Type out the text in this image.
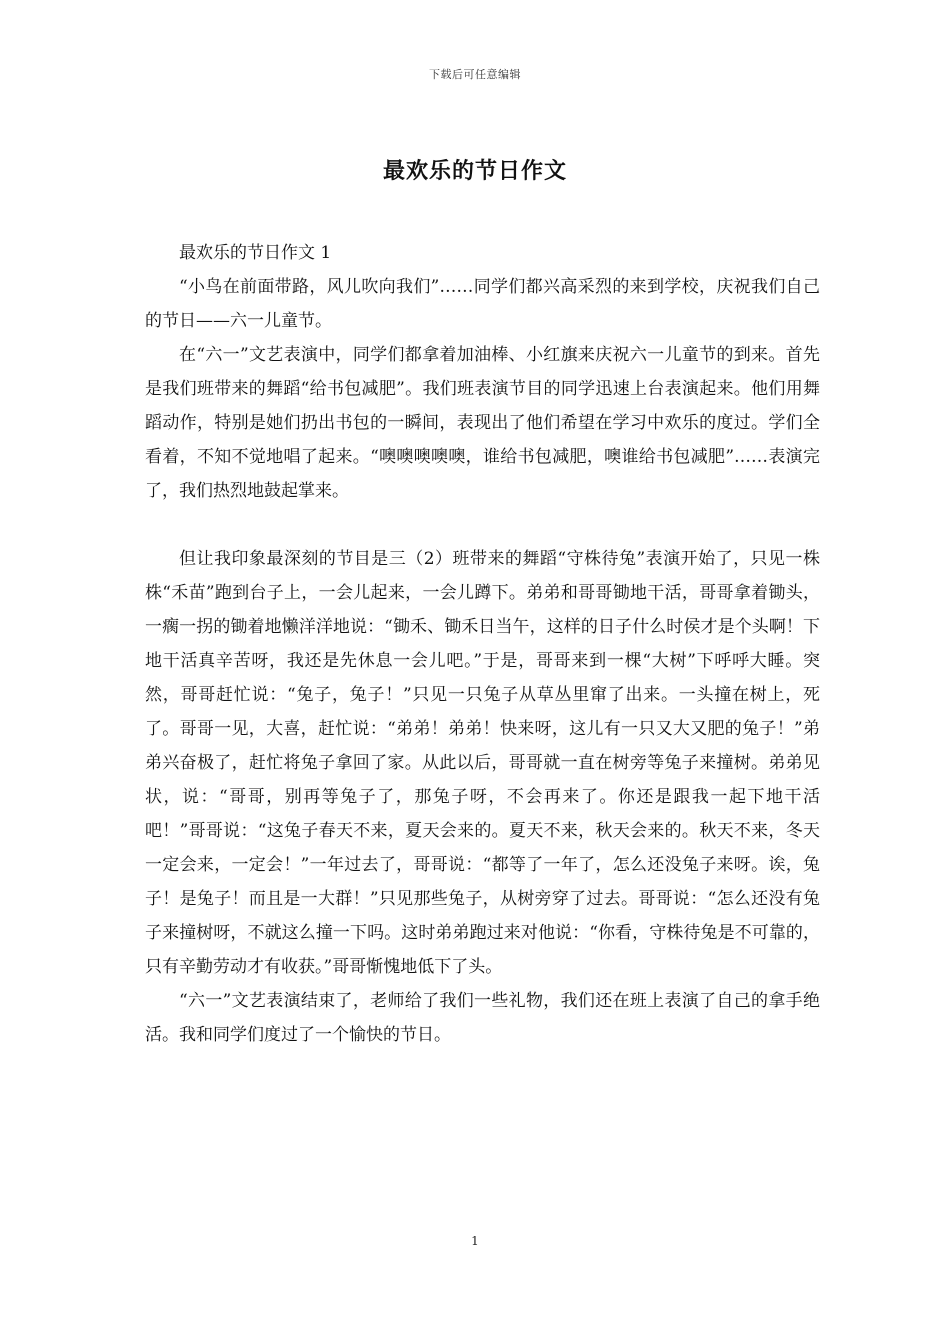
下载后可任意编辑
最欢乐的节日作文

最欢乐的节日作文 1

“小鸟在前面带路，风儿吹向我们”……同学们都兴高采烈的来到学校，庆祝我们自己的节日——六一儿童节。

在“六一”文艺表演中，同学们都拿着加油棒、小红旗来庆祝六一儿童节的到来。首先是我们班带来的舞蹈“给书包减肥”。我们班表演节目的同学迅速上台表演起来。他们用舞蹈动作，特别是她们扔出书包的一瞬间，表现出了他们希望在学习中欢乐的度过。学们全看着，不知不觉地唱了起来。“噢噢噢噢噢，谁给书包减肥，噢谁给书包减肥”……表演完了，我们热烈地鼓起掌来。

但让我印象最深刻的节目是三（2）班带来的舞蹈“守株待兔”表演开始了，只见一株株“禾苗”跑到台子上，一会儿起来，一会儿蹲下。弟弟和哥哥锄地干活，哥哥拿着锄头，一瘸一拐的锄着地懒洋洋地说：“锄禾、锄禾日当午，这样的日子什么时侯才是个头啊！下地干活真辛苦呀，我还是先休息一会儿吧。”于是，哥哥来到一棵“大树”下呼呼大睡。突然，哥哥赶忙说：“兔子，兔子！”只见一只兔子从草丛里窜了出来。一头撞在树上，死了。哥哥一见，大喜，赶忙说：“弟弟！弟弟！快来呀，这儿有一只又大又肥的兔子！”弟弟兴奋极了，赶忙将兔子拿回了家。从此以后，哥哥就一直在树旁等兔子来撞树。弟弟见状，说：“哥哥，别再等兔子了，那兔子呀，不会再来了。你还是跟我一起下地干活吧！”哥哥说：“这兔子春天不来，夏天会来的。夏天不来，秋天会来的。秋天不来，冬天一定会来，一定会！”一年过去了，哥哥说：“都等了一年了，怎么还没兔子来呀。诶，兔子！是兔子！而且是一大群！”只见那些兔子，从树旁穿了过去。哥哥说：“怎么还没有兔子来撞树呀，不就这么撞一下吗。这时弟弟跑过来对他说：“你看，守株待兔是不可靠的，只有辛勤劳动才有收获。”哥哥惭愧地低下了头。

“六一”文艺表演结束了，老师给了我们一些礼物，我们还在班上表演了自己的拿手绝活。我和同学们度过了一个愉快的节日。

1
